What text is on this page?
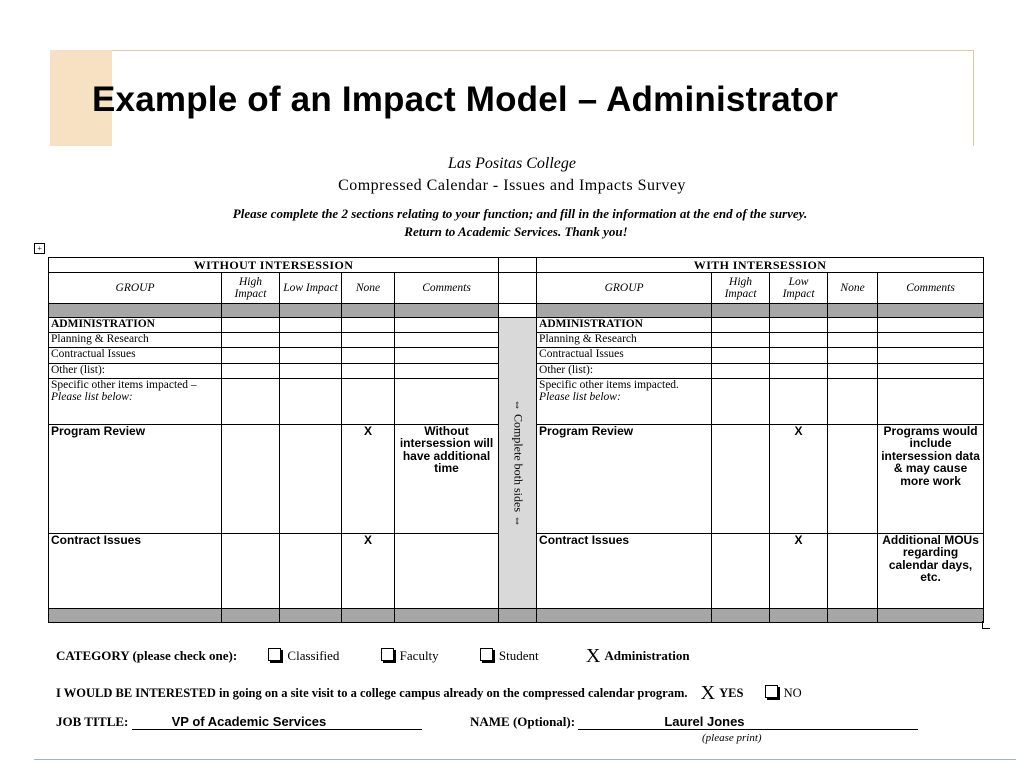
Example of an Impact Model – Administrator
Las Positas College
Compressed Calendar - Issues and Impacts Survey
Please complete the 2 sections relating to your function; and fill in the information at the end of the survey.
Return to Academic Services. Thank you!
+
WITHOUT INTERSESSION						WITH INTERSESSION				
GROUP	High Impact	Low Impact	None	Comments		GROUP	High Impact	Low Impact	None	Comments

ADMINISTRATION					⇔ Complete both sides ⇔	ADMINISTRATION				
Planning & Research						Planning & Research				
Contractual Issues						Contractual Issues				
Other (list):						Other (list):				
Specific other items impacted – Please list below:						Specific other items impacted. Please list below:				
Program Review			X	Without intersession will have additional time		Program Review		X		Programs would include intersession data & may cause more work
Contract Issues			X			Contract Issues		X		Additional MOUs regarding calendar days, etc.

CATEGORY (please check one):	Classified	Faculty	Student X Administration
I WOULD BE INTERESTED in going on a site visit to a college campus already on the compressed calendar program. X YES	NO
JOB TITLE:	VP of Academic Services	NAME (Optional):	Laurel Jones
(please print)
